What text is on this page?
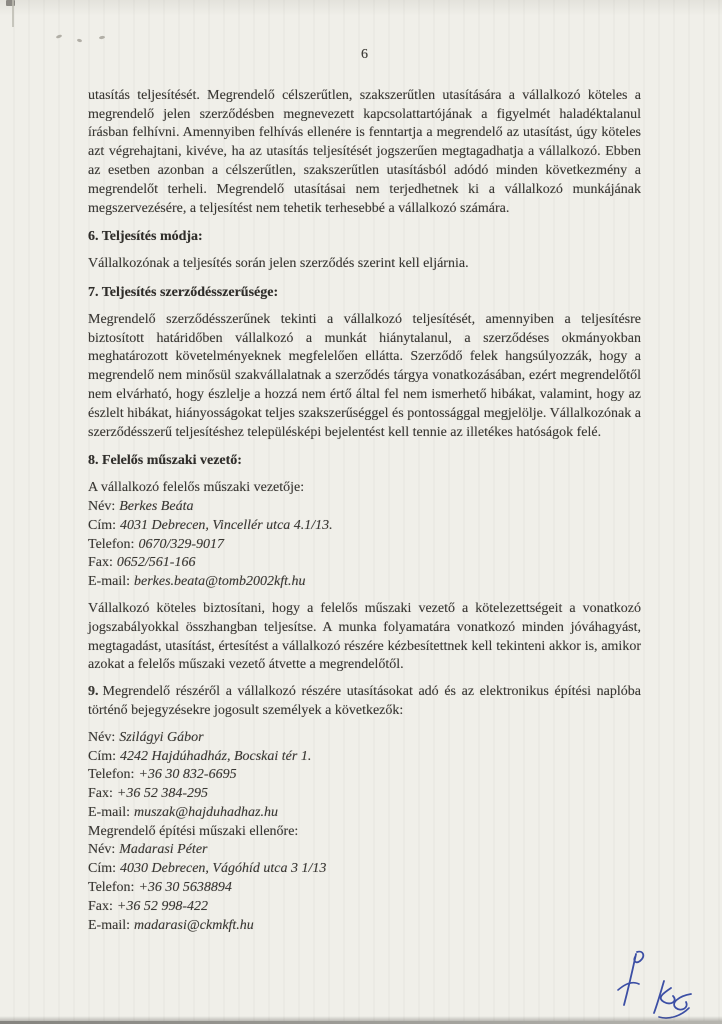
6

utasítás teljesítését. Megrendelő célszerűtlen, szakszerűtlen utasítására a vállalkozó köteles a megrendelő jelen szerződésben megnevezett kapcsolattartójának a figyelmét haladéktalanul írásban felhívni. Amennyiben felhívás ellenére is fenntartja a megrendelő az utasítást, úgy köteles azt végrehajtani, kivéve, ha az utasítás teljesítését jogszerűen megtagadhatja a vállalkozó. Ebben az esetben azonban a célszerűtlen, szakszerűtlen utasításból adódó minden következmény a megrendelőt terheli. Megrendelő utasításai nem terjedhetnek ki a vállalkozó munkájának megszervezésére, a teljesítést nem tehetik terhesebbé a vállalkozó számára.

6. Teljesítés módja:

Vállalkozónak a teljesítés során jelen szerződés szerint kell eljárnia.

7. Teljesítés szerződésszerűsége:

Megrendelő szerződésszerűnek tekinti a vállalkozó teljesítését, amennyiben a teljesítésre biztosított határidőben vállalkozó a munkát hiánytalanul, a szerződéses okmányokban meghatározott követelményeknek megfelelően ellátta. Szerződő felek hangsúlyozzák, hogy a megrendelő nem minősül szakvállalatnak a szerződés tárgya vonatkozásában, ezért megrendelőtől nem elvárható, hogy észlelje a hozzá nem értő által fel nem ismerhető hibákat, valamint, hogy az észlelt hibákat, hiányosságokat teljes szakszerűséggel és pontossággal megjelölje. Vállalkozónak a szerződésszerű teljesítéshez településképi bejelentést kell tennie az illetékes hatóságok felé.

8. Felelős műszaki vezető:

A vállalkozó felelős műszaki vezetője:

Név: Berkes Beáta
Cím: 4031 Debrecen, Vincellér utca 4.1/13.
Telefon: 0670/329-9017
Fax: 0652/561-166
E-mail: berkes.beata@tomb2002kft.hu

Vállalkozó köteles biztosítani, hogy a felelős műszaki vezető a kötelezettségeit a vonatkozó jogszabályokkal összhangban teljesítse. A munka folyamatára vonatkozó minden jóváhagyást, megtagadást, utasítást, értesítést a vállalkozó részére kézbesítettnek kell tekinteni akkor is, amikor azokat a felelős műszaki vezető átvette a megrendelőtől.

9. Megrendelő részéről a vállalkozó részére utasításokat adó és az elektronikus építési naplóba történő bejegyzésekre jogosult személyek a következők:

Név: Szilágyi Gábor
Cím: 4242 Hajdúhadház, Bocskai tér 1.
Telefon: +36 30 832-6695
Fax: +36 52 384-295
E-mail: muszak@hajduhadhaz.hu

Megrendelő építési műszaki ellenőre:

Név: Madarasi Péter
Cím: 4030 Debrecen, Vágóhíd utca 3 1/13
Telefon: +36 30 5638894
Fax: +36 52 998-422
E-mail: madarasi@ckmkft.hu
